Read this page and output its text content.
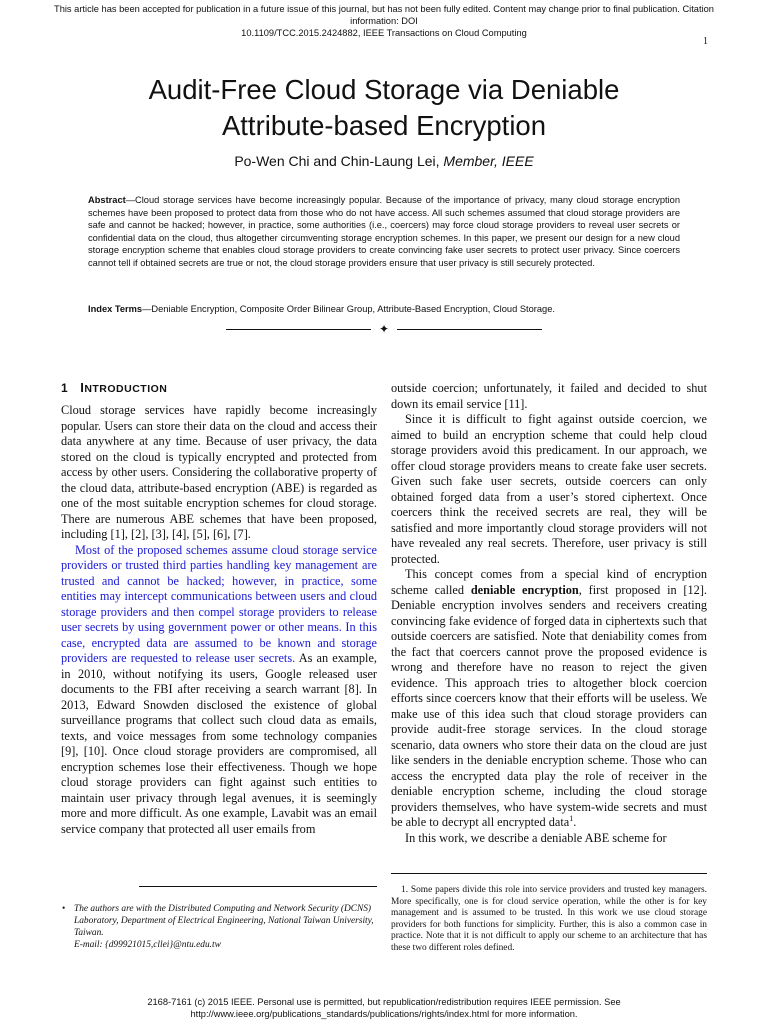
This article has been accepted for publication in a future issue of this journal, but has not been fully edited. Content may change prior to final publication. Citation information: DOI
10.1109/TCC.2015.2424882, IEEE Transactions on Cloud Computing
1
Audit-Free Cloud Storage via Deniable
Attribute-based Encryption
Po-Wen Chi and Chin-Laung Lei, Member, IEEE
Abstract—Cloud storage services have become increasingly popular. Because of the importance of privacy, many cloud storage encryption schemes have been proposed to protect data from those who do not have access. All such schemes assumed that cloud storage providers are safe and cannot be hacked; however, in practice, some authorities (i.e., coercers) may force cloud storage providers to reveal user secrets or confidential data on the cloud, thus altogether circumventing storage encryption schemes. In this paper, we present our design for a new cloud storage encryption scheme that enables cloud storage providers to create convincing fake user secrets to protect user privacy. Since coercers cannot tell if obtained secrets are true or not, the cloud storage providers ensure that user privacy is still securely protected.
Index Terms—Deniable Encryption, Composite Order Bilinear Group, Attribute-Based Encryption, Cloud Storage.
✦
1 INTRODUCTION

Cloud storage services have rapidly become increasingly popular. Users can store their data on the cloud and access their data anywhere at any time. Because of user privacy, the data stored on the cloud is typically encrypted and protected from access by other users. Considering the collaborative property of the cloud data, attribute-based encryption (ABE) is regarded as one of the most suitable encryption schemes for cloud storage. There are numerous ABE schemes that have been proposed, including [1], [2], [3], [4], [5], [6], [7].

Most of the proposed schemes assume cloud storage service providers or trusted third parties handling key management are trusted and cannot be hacked; however, in practice, some entities may intercept communications between users and cloud storage providers and then compel storage providers to release user secrets by using government power or other means. In this case, encrypted data are assumed to be known and storage providers are requested to release user secrets. As an example, in 2010, without notifying its users, Google released user documents to the FBI after receiving a search warrant [8]. In 2013, Edward Snowden disclosed the existence of global surveillance programs that collect such cloud data as emails, texts, and voice messages from some technology companies [9], [10]. Once cloud storage providers are compromised, all encryption schemes lose their effectiveness. Though we hope cloud storage providers can fight against such entities to maintain user privacy through legal avenues, it is seemingly more and more difficult. As one example, Lavabit was an email service company that protected all user emails from

• The authors are with the Distributed Computing and Network Security (DCNS) Laboratory, Department of Electrical Engineering, National Taiwan University, Taiwan.
E-mail: {d99921015,cllei}@ntu.edu.tw

outside coercion; unfortunately, it failed and decided to shut down its email service [11].

Since it is difficult to fight against outside coercion, we aimed to build an encryption scheme that could help cloud storage providers avoid this predicament. In our approach, we offer cloud storage providers means to create fake user secrets. Given such fake user secrets, outside coercers can only obtained forged data from a user’s stored ciphertext. Once coercers think the received secrets are real, they will be satisfied and more importantly cloud storage providers will not have revealed any real secrets. Therefore, user privacy is still protected.

This concept comes from a special kind of encryption scheme called deniable encryption, first proposed in [12]. Deniable encryption involves senders and receivers creating convincing fake evidence of forged data in ciphertexts such that outside coercers are satisfied. Note that deniability comes from the fact that coercers cannot prove the proposed evidence is wrong and therefore have no reason to reject the given evidence. This approach tries to altogether block coercion efforts since coercers know that their efforts will be useless. We make use of this idea such that cloud storage providers can provide audit-free storage services. In the cloud storage scenario, data owners who store their data on the cloud are just like senders in the deniable encryption scheme. Those who can access the encrypted data play the role of receiver in the deniable encryption scheme, including the cloud storage providers themselves, who have system-wide secrets and must be able to decrypt all encrypted data$^1$.

In this work, we describe a deniable ABE scheme for

1. Some papers divide this role into service providers and trusted key managers. More specifically, one is for cloud service operation, while the other is for key management and is assumed to be trusted. In this work we use cloud storage providers for both functions for simplicity. Further, this is also a common case in practice. Note that it is not difficult to apply our scheme to an architecture that has these two different roles defined.

2168-7161 (c) 2015 IEEE. Personal use is permitted, but republication/redistribution requires IEEE permission. See
http://www.ieee.org/publications_standards/publications/rights/index.html for more information.
